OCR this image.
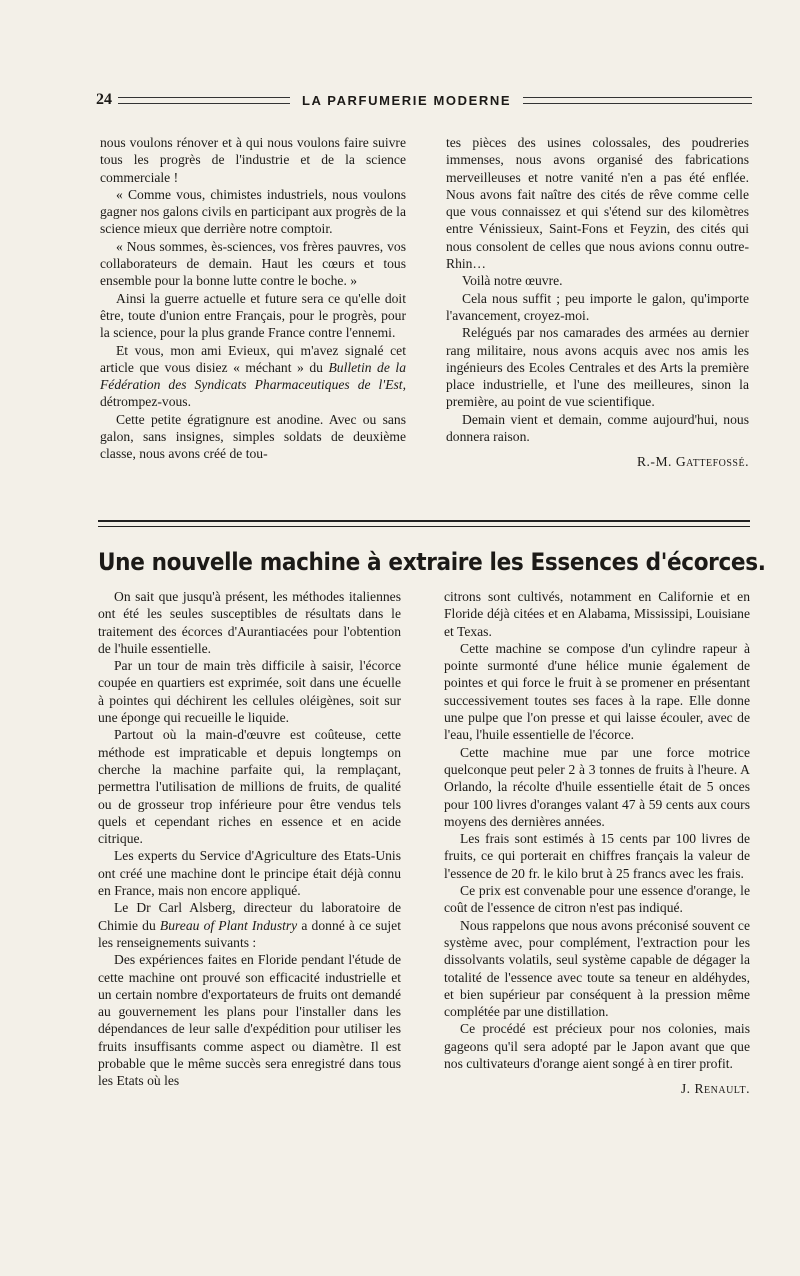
24	LA PARFUMERIE MODERNE

nous voulons rénover et à qui nous voulons faire suivre tous les progrès de l'industrie et de la science commerciale !

« Comme vous, chimistes industriels, nous voulons gagner nos galons civils en participant aux progrès de la science mieux que derrière notre comptoir.

« Nous sommes, ès-sciences, vos frères pauvres, vos collaborateurs de demain. Haut les cœurs et tous ensemble pour la bonne lutte contre le boche. »

Ainsi la guerre actuelle et future sera ce qu'elle doit être, toute d'union entre Français, pour le progrès, pour la science, pour la plus grande France contre l'ennemi.

Et vous, mon ami Evieux, qui m'avez signalé cet article que vous disiez « méchant » du Bulletin de la Fédération des Syndicats Pharmaceutiques de l'Est, détrompez-vous.

Cette petite égratignure est anodine. Avec ou sans galon, sans insignes, simples soldats de deuxième classe, nous avons créé de tou-

tes pièces des usines colossales, des poudreries immenses, nous avons organisé des fabrications merveilleuses et notre vanité n'en a pas été enflée. Nous avons fait naître des cités de rêve comme celle que vous connaissez et qui s'étend sur des kilomètres entre Vénissieux, Saint-Fons et Feyzin, des cités qui nous consolent de celles que nous avions connu outre-Rhin…

Voilà notre œuvre.

Cela nous suffit ; peu importe le galon, qu'importe l'avancement, croyez-moi.

Relégués par nos camarades des armées au dernier rang militaire, nous avons acquis avec nos amis les ingénieurs des Ecoles Centrales et des Arts la première place industrielle, et l'une des meilleures, sinon la première, au point de vue scientifique.

Demain vient et demain, comme aujourd'hui, nous donnera raison.

R.-M. Gattefossé.

Une nouvelle machine à extraire les Essences d'écorces.

On sait que jusqu'à présent, les méthodes italiennes ont été les seules susceptibles de résultats dans le traitement des écorces d'Aurantiacées pour l'obtention de l'huile essentielle.

Par un tour de main très difficile à saisir, l'écorce coupée en quartiers est exprimée, soit dans une écuelle à pointes qui déchirent les cellules oléigènes, soit sur une éponge qui recueille le liquide.

Partout où la main-d'œuvre est coûteuse, cette méthode est impraticable et depuis longtemps on cherche la machine parfaite qui, la remplaçant, permettra l'utilisation de millions de fruits, de qualité ou de grosseur trop inférieure pour être vendus tels quels et cependant riches en essence et en acide citrique.

Les experts du Service d'Agriculture des Etats-Unis ont créé une machine dont le principe était déjà connu en France, mais non encore appliqué.

Le Dr Carl Alsberg, directeur du laboratoire de Chimie du Bureau of Plant Industry a donné à ce sujet les renseignements suivants :

Des expériences faites en Floride pendant l'étude de cette machine ont prouvé son efficacité industrielle et un certain nombre d'exportateurs de fruits ont demandé au gouvernement les plans pour l'installer dans les dépendances de leur salle d'expédition pour utiliser les fruits insuffisants comme aspect ou diamètre. Il est probable que le même succès sera enregistré dans tous les Etats où les

citrons sont cultivés, notamment en Californie et en Floride déjà citées et en Alabama, Mississipi, Louisiane et Texas.

Cette machine se compose d'un cylindre rapeur à pointe surmonté d'une hélice munie également de pointes et qui force le fruit à se promener en présentant successivement toutes ses faces à la rape. Elle donne une pulpe que l'on presse et qui laisse écouler, avec de l'eau, l'huile essentielle de l'écorce.

Cette machine mue par une force motrice quelconque peut peler 2 à 3 tonnes de fruits à l'heure. A Orlando, la récolte d'huile essentielle était de 5 onces pour 100 livres d'oranges valant 47 à 59 cents aux cours moyens des dernières années.

Les frais sont estimés à 15 cents par 100 livres de fruits, ce qui porterait en chiffres français la valeur de l'essence de 20 fr. le kilo brut à 25 francs avec les frais.

Ce prix est convenable pour une essence d'orange, le coût de l'essence de citron n'est pas indiqué.

Nous rappelons que nous avons préconisé souvent ce système avec, pour complément, l'extraction pour les dissolvants volatils, seul système capable de dégager la totalité de l'essence avec toute sa teneur en aldéhydes, et bien supérieur par conséquent à la pression même complétée par une distillation.

Ce procédé est précieux pour nos colonies, mais gageons qu'il sera adopté par le Japon avant que que nos cultivateurs d'orange aient songé à en tirer profit.

J. Renault.
